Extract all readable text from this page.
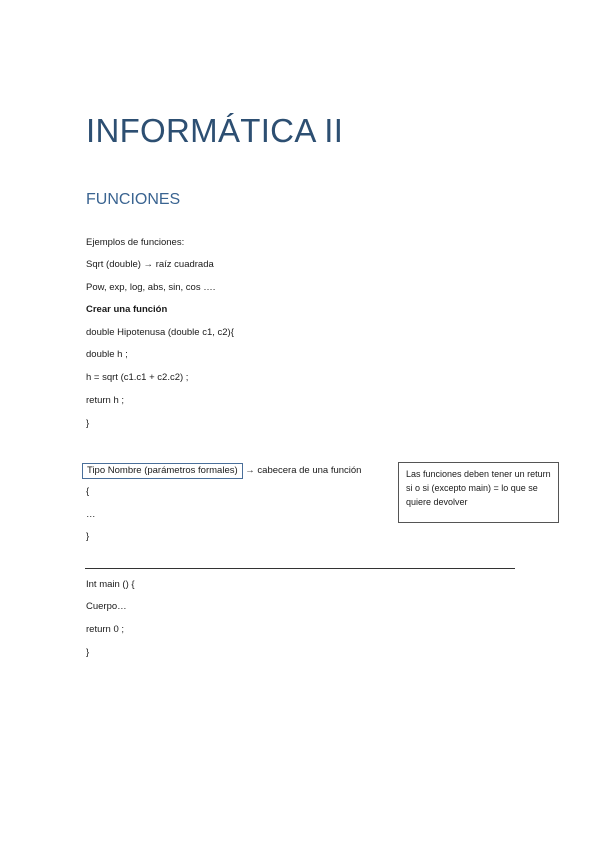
INFORMÁTICA II
FUNCIONES
Ejemplos de funciones:
Sqrt (double) → raíz cuadrada
Pow, exp, log, abs, sin, cos ….
Crear una función
double Hipotenusa (double c1, c2){
double h ;
h = sqrt (c1.c1 + c2.c2) ;
return h ;
}
Tipo Nombre (parámetros formales) → cabecera de una función
{
…
}
Las funciones deben tener un return si o si (excepto main) = lo que se quiere devolver
Int main () {
Cuerpo…
return 0 ;
}
